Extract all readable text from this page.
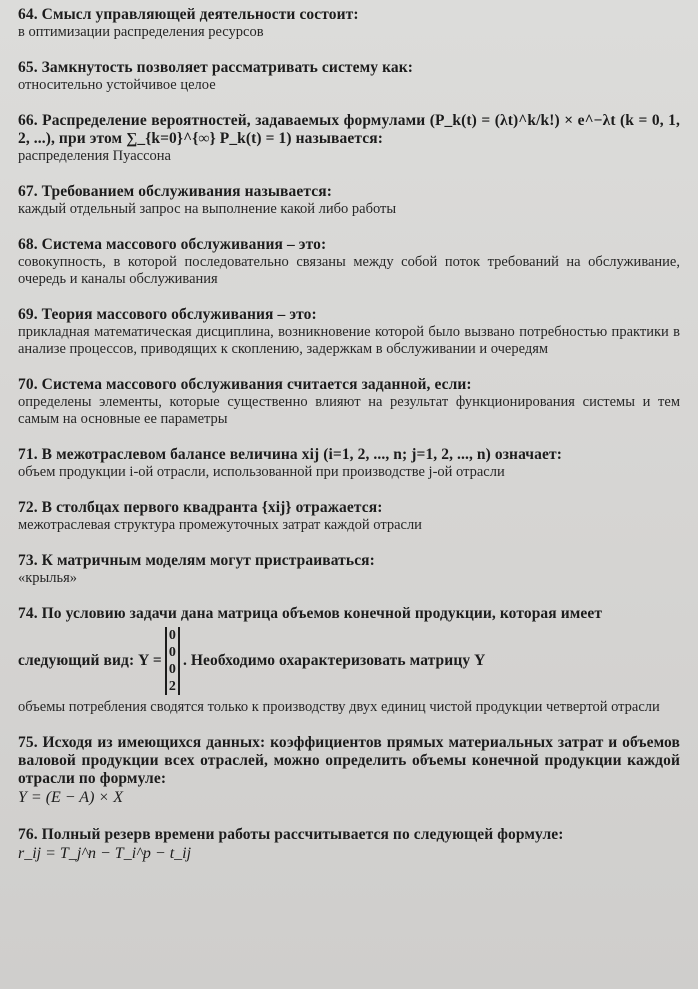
64. Смысл управляющей деятельности состоит:
в оптимизации распределения ресурсов
65. Замкнутость позволяет рассматривать систему как:
относительно устойчивое целое
66. Распределение вероятностей, задаваемых формулами (P_k(t) = (λt)^k/k!) × e^−λt (k = 0, 1, 2, ...), при этом ∑_{k=0}^{∞} P_k(t) = 1) называется:
распределения Пуассона
67. Требованием обслуживания называется:
каждый отдельный запрос на выполнение какой либо работы
68. Система массового обслуживания – это:
совокупность, в которой последовательно связаны между собой поток требований на обслуживание, очередь и каналы обслуживания
69. Теория массового обслуживания – это:
прикладная математическая дисциплина, возникновение которой было вызвано потребностью практики в анализе процессов, приводящих к скоплению, задержкам в обслуживании и очередям
70. Система массового обслуживания считается заданной, если:
определены элементы, которые существенно влияют на результат функционирования системы и тем самым на основные ее параметры
71. В межотраслевом балансе величина xij (i=1, 2, ..., n; j=1, 2, ..., n) означает:
объем продукции i-ой отрасли, использованной при производстве j-ой отрасли
72. В столбцах первого квадранта {xij} отражается:
межотраслевая структура промежуточных затрат каждой отрасли
73. К матричным моделям могут пристраиваться:
«крылья»
74. По условию задачи дана матрица объемов конечной продукции, которая имеет
следующий вид: Y =
0
0
0
2
. Необходимо охарактеризовать матрицу Y
объемы потребления сводятся только к производству двух единиц чистой продукции четвертой отрасли
75. Исходя из имеющихся данных: коэффициентов прямых материальных затрат и объемов валовой продукции всех отраслей, можно определить объемы конечной продукции каждой отрасли по формуле:
Y = (E − A) × X
76. Полный резерв времени работы рассчитывается по следующей формуле:
r_ij = T_j^п − T_i^р − t_ij
